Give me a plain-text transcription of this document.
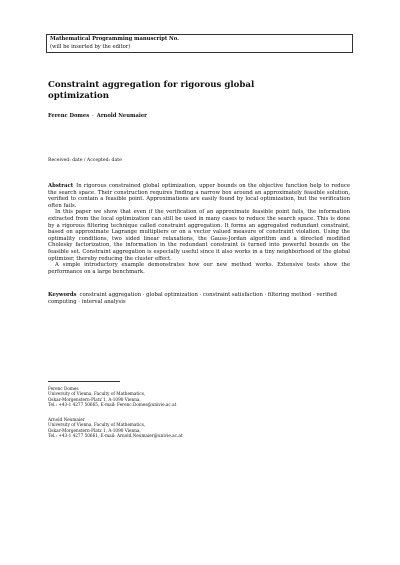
Mathematical Programming manuscript No.
(will be inserted by the editor)
Constraint aggregation for rigorous global optimization
Ferenc Domes · Arnold Neumaier
Received: date / Accepted: date

Abstract In rigorous constrained global optimization, upper bounds on the objective function help to reduce the search space. Their construction requires finding a narrow box around an approximately feasible solution, verified to contain a feasible point. Approximations are easily found by local optimization, but the verification often fails.

In this paper we show that even if the verification of an approximate feasible point fails, the information extracted from the local optimization can still be used in many cases to reduce the search space. This is done by a rigorous filtering technique called constraint aggregation. It forms an aggregated redundant constraint, based on approximate Lagrange multipliers or on a vector valued measure of constraint violation. Using the optimality conditions, two sided linear relaxations, the Gauss-Jordan algorithm and a directed modified Cholesky factorization, the information in the redundant constraint is turned into powerful bounds on the feasible set. Constraint aggregation is especially useful since it also works in a tiny neighborhood of the global optimizer, thereby reducing the cluster effect.

A simple introductory example demonstrates how our new method works. Extensive tests show the performance on a large benchmark.

Keywords constraint aggregation · global optimization · constraint satisfaction · filtering method · verified computing · interval analysis
Ferenc Domes
University of Vienna, Faculty of Mathematics,
Oskar-Morgenstern-Platz 1, A-1090 Vienna,
Tel.: +43-1 4277 50665, E-mail: Ferenc.Domes@univie.ac.at
Arnold Neumaier
University of Vienna, Faculty of Mathematics,
Oskar-Morgenstern-Platz 1, A-1090 Vienna,
Tel.: +43-1 4277 50661, E-mail: Arnold.Neumaier@univie.ac.at
